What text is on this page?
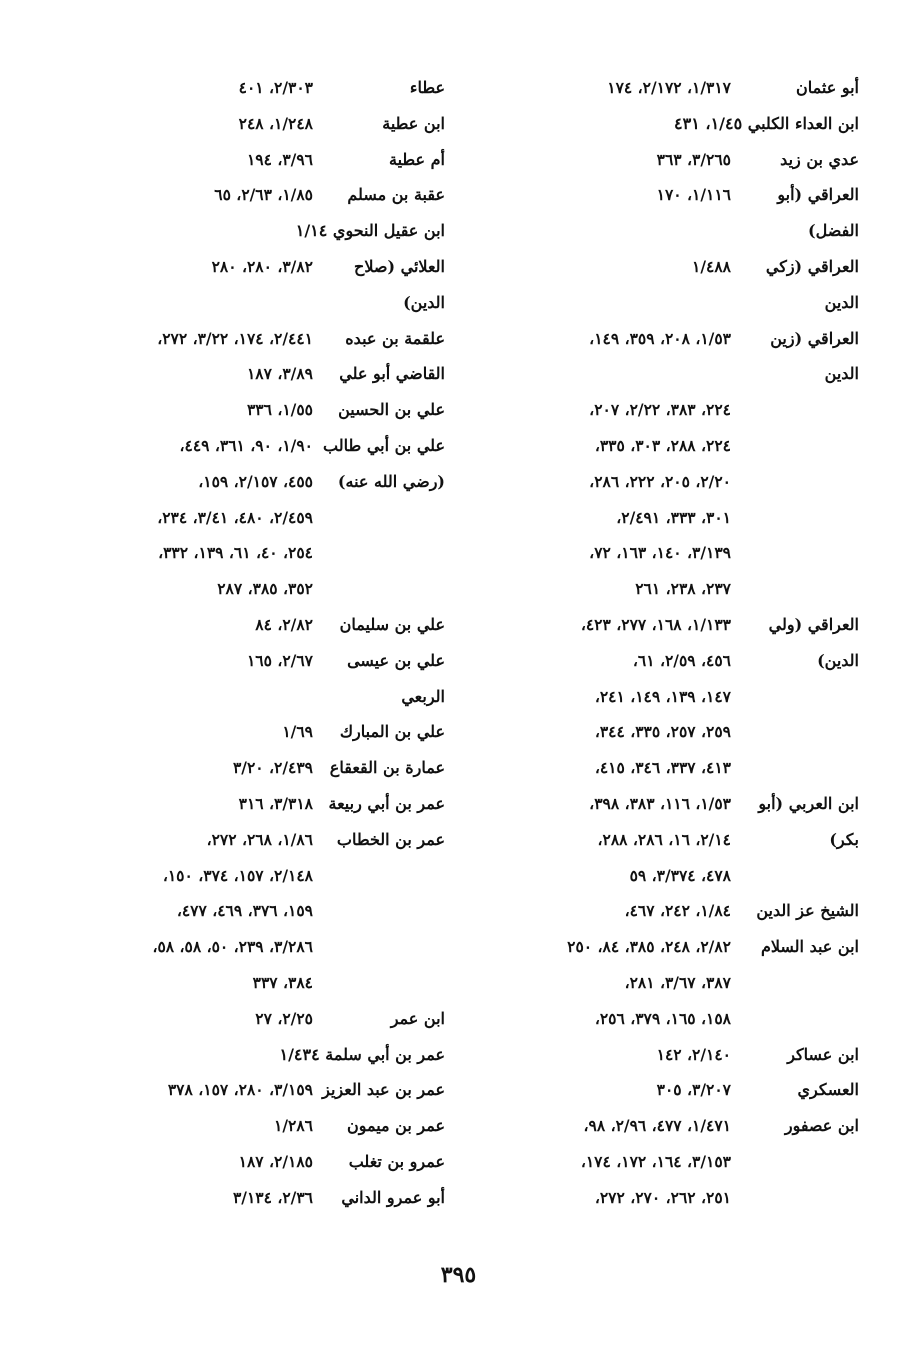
أبو عثمان
١/٣١٧، ٢/١٧٢، ١٧٤
ابن العداء الكلبي ١/٤٥، ٤٣١
عدي بن زيد
٣/٢٦٥، ٣٦٣
العراقي (أبو
١/١١٦، ١٧٠
الفضل)
العراقي (زكي
١/٤٨٨
الدين
العراقي (زين
١/٥٣، ٢٠٨، ٣٥٩، ١٤٩،
الدين
٢٢٤، ٣٨٣، ٢/٢٢، ٢٠٧،
٢٢٤، ٢٨٨، ٣٠٣، ٣٣٥،
٢/٢٠، ٢٠٥، ٢٢٢، ٢٨٦،
٣٠١، ٣٣٣، ٢/٤٩١،
٣/١٣٩، ١٤٠، ١٦٣، ٧٢،
٢٣٧، ٢٣٨، ٢٦١
العراقي (ولي
١/١٣٣، ١٦٨، ٢٧٧، ٤٢٣،
الدين)
٤٥٦، ٢/٥٩، ٦١،
١٤٧، ١٣٩، ١٤٩، ٢٤١،
٢٥٩، ٢٥٧، ٣٣٥، ٣٤٤،
٤١٣، ٣٣٧، ٣٤٦، ٤١٥،
ابن العربي (أبو
١/٥٣، ١١٦، ٣٨٣، ٣٩٨،
بكر)
٢/١٤، ١٦، ٢٨٦، ٢٨٨،
٤٧٨، ٣/٣٧٤، ٥٩
الشيخ عز الدين
١/٨٤، ٢٤٢، ٤٦٧،
ابن عبد السلام
٢/٨٢، ٢٤٨، ٣٨٥، ٨٤، ٢٥٠
٣٨٧، ٣/٦٧، ٢٨١،
١٥٨، ١٦٥، ٣٧٩، ٢٥٦،
ابن عساكر
٢/١٤٠، ١٤٢
العسكري
٣/٢٠٧، ٣٠٥
ابن عصفور
١/٤٧١، ٤٧٧، ٢/٩٦، ٩٨،
٣/١٥٣، ١٦٤، ١٧٢، ١٧٤،
٢٥١، ٢٦٢، ٢٧٠، ٢٧٢،
عطاء
٢/٣٠٣، ٤٠١
ابن عطية
١/٢٤٨، ٢٤٨
أم عطية
٣/٩٦، ١٩٤
عقبة بن مسلم
١/٨٥، ٢/٦٣، ٦٥
ابن عقيل النحوي ١/١٤
العلائي (صلاح
٣/٨٢، ٢٨٠، ٢٨٠
الدين)
علقمة بن عبده
٢/٤٤١، ١٧٤، ٣/٢٢، ٢٧٢،
القاضي أبو علي
٣/٨٩، ١٨٧
علي بن الحسين
١/٥٥، ٣٣٦
علي بن أبي طالب
١/٩٠، ٩٠، ٣٦١، ٤٤٩،
(رضي الله عنه)
٤٥٥، ٢/١٥٧، ١٥٩،
٢/٤٥٩، ٤٨٠، ٣/٤١، ٢٣٤،
٢٥٤، ٤٠، ٦١، ١٣٩، ٣٣٢،
٣٥٢، ٣٨٥، ٢٨٧
علي بن سليمان
٢/٨٢، ٨٤
علي بن عيسى
٢/٦٧، ١٦٥
الربعي
علي بن المبارك
١/٦٩
عمارة بن القعقاع
٢/٤٣٩، ٣/٢٠
عمر بن أبي ربيعة
٣/٣١٨، ٣١٦
عمر بن الخطاب
١/٨٦، ٢٦٨، ٢٧٢،
٢/١٤٨، ١٥٧، ٣٧٤، ١٥٠،
١٥٩، ٣٧٦، ٤٦٩، ٤٧٧،
٣/٢٨٦، ٢٣٩، ٥٠، ٥٨، ٥٨،
٣٨٤، ٣٣٧
ابن عمر
٢/٢٥، ٢٧
عمر بن أبي سلمة ١/٤٣٤
عمر بن عبد العزيز
٣/١٥٩، ٢٨٠، ١٥٧، ٣٧٨
عمر بن ميمون
١/٢٨٦
عمرو بن تغلب
٢/١٨٥، ١٨٧
أبو عمرو الداني
٢/٣٦، ٣/١٣٤
٣٩٥
